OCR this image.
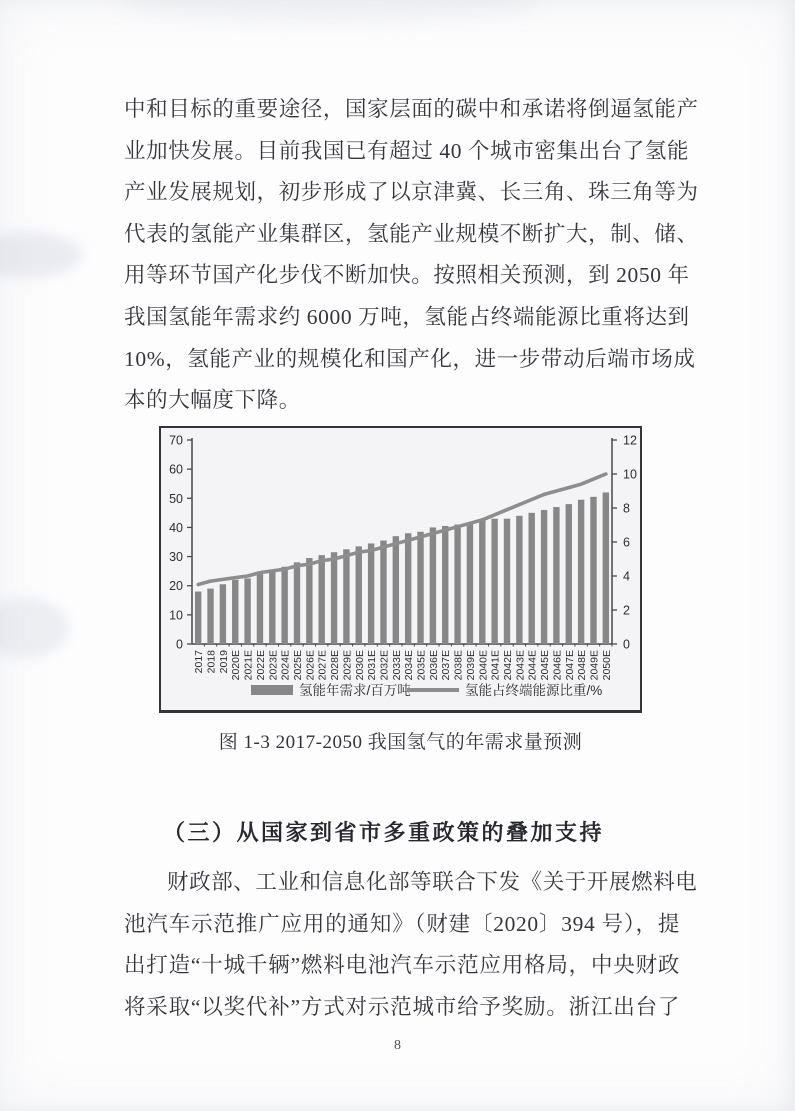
中和目标的重要途径，国家层面的碳中和承诺将倒逼氢能产
业加快发展。目前我国已有超过 40 个城市密集出台了氢能
产业发展规划，初步形成了以京津冀、长三角、珠三角等为
代表的氢能产业集群区，氢能产业规模不断扩大，制、储、
用等环节国产化步伐不断加快。按照相关预测，到 2050 年
我国氢能年需求约 6000 万吨，氢能占终端能源比重将达到
10%，氢能产业的规模化和国产化，进一步带动后端市场成
本的大幅度下降。
0
10
20
30
40
50
60
70
0
2
4
6
8
10
12
2017 2018 2019 2020E 2021E 2022E 2023E 2024E 2025E 2026E 2027E 2028E 2029E 2030E 2031E 2032E 2033E 2034E 2035E 2036E 2037E 2038E 2039E 2040E 2041E 2042E 2043E 2044E 2045E 2046E 2047E 2048E 2049E 2050E
氢能年需求/百万吨	氢能占终端能源比重/%
图 1-3 2017-2050 我国氢气的年需求量预测
（三）从国家到省市多重政策的叠加支持
财政部、工业和信息化部等联合下发《关于开展燃料电
池汽车示范推广应用的通知》（财建〔2020〕394 号），提
出打造“十城千辆”燃料电池汽车示范应用格局，中央财政
将采取“以奖代补”方式对示范城市给予奖励。浙江出台了
8
